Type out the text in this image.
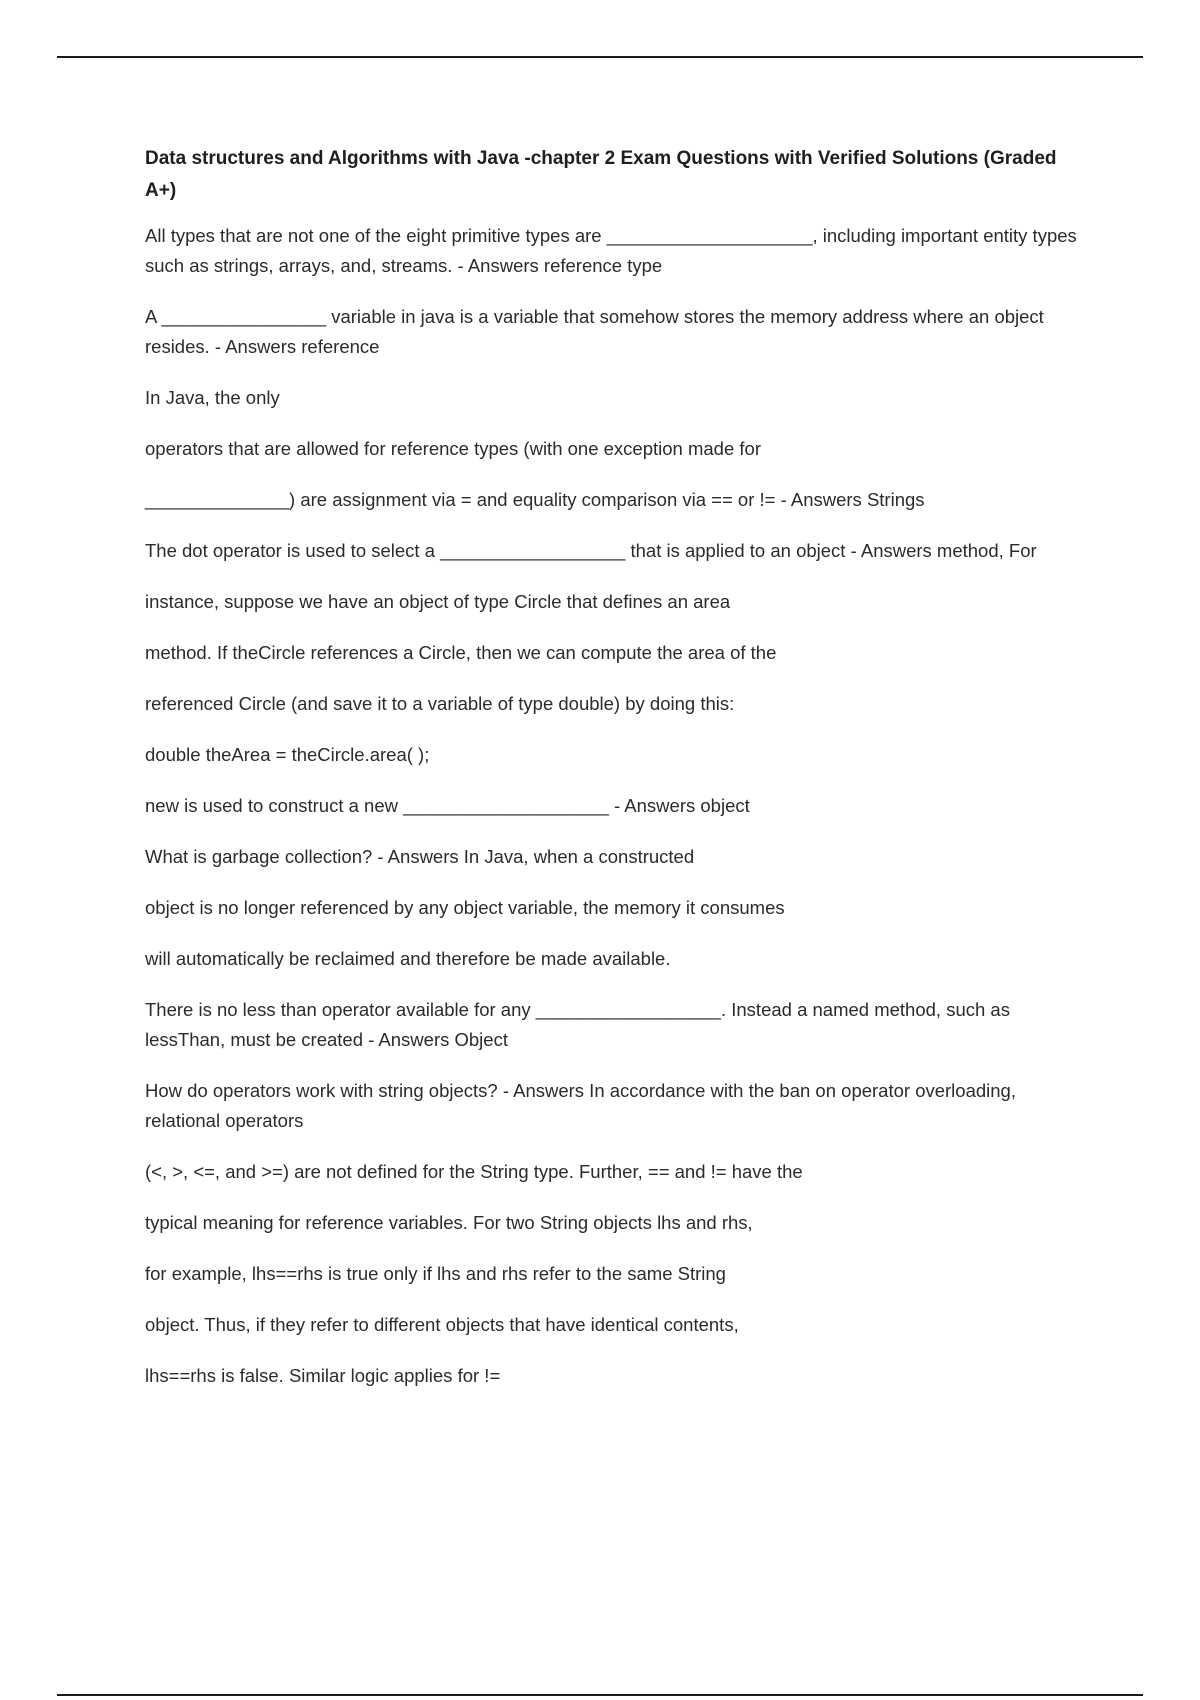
Data structures and Algorithms with Java -chapter 2 Exam Questions with Verified Solutions (Graded A+)

All types that are not one of the eight primitive types are ____________________, including important entity types such as strings, arrays, and, streams. - Answers reference type

A ________________ variable in java is a variable that somehow stores the memory address where an object resides. - Answers reference

In Java, the only

operators that are allowed for reference types (with one exception made for

______________) are assignment via = and equality comparison via == or != - Answers Strings

The dot operator is used to select a __________________ that is applied to an object - Answers method, For

instance, suppose we have an object of type Circle that defines an area

method. If theCircle references a Circle, then we can compute the area of the

referenced Circle (and save it to a variable of type double) by doing this:

double theArea = theCircle.area( );

new is used to construct a new ____________________ - Answers object

What is garbage collection? - Answers In Java, when a constructed

object is no longer referenced by any object variable, the memory it consumes

will automatically be reclaimed and therefore be made available.

There is no less than operator available for any __________________. Instead a named method, such as lessThan, must be created - Answers Object

How do operators work with string objects? - Answers In accordance with the ban on operator overloading, relational operators

(<, >, <=, and >=) are not defined for the String type. Further, == and != have the

typical meaning for reference variables. For two String objects lhs and rhs,

for example, lhs==rhs is true only if lhs and rhs refer to the same String

object. Thus, if they refer to different objects that have identical contents,

lhs==rhs is false. Similar logic applies for !=
